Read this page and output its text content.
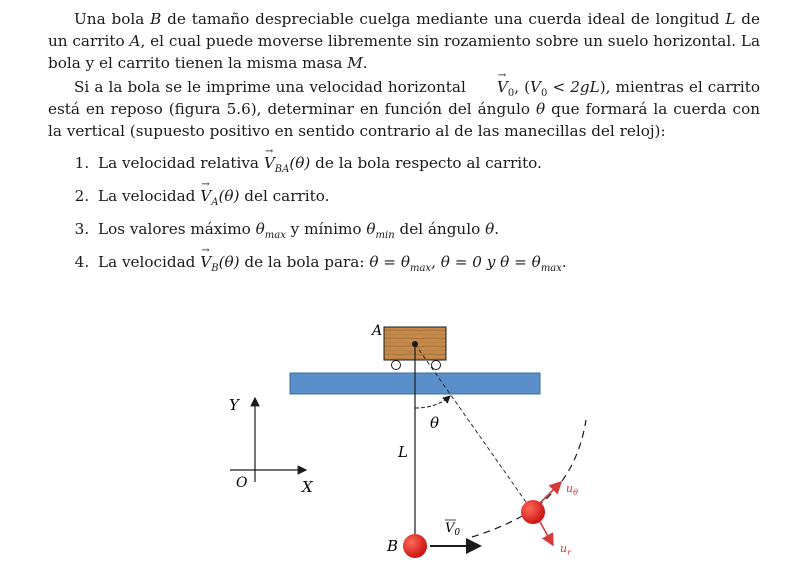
Una bola B de tamaño despreciable cuelga mediante una cuerda ideal de longitud L de un carrito A, el cual puede moverse libremente sin rozamiento sobre un suelo horizontal. La bola y el carrito tienen la misma masa M.

Si a la bola se le imprime una velocidad horizontal → $V_0$, $(V_0 < 2gL)$, mientras el carrito está en reposo (figura 5.6), determinar en función del ángulo θ que formará la cuerda con la vertical (supuesto positivo en sentido contrario al de las manecillas del reloj):

1. La velocidad relativa → $V_{BA}(\theta)$ de la bola respecto al carrito.
2. La velocidad → $V_A(\theta)$ del carrito.
3. Los valores máximo $\theta_{max}$ y mínimo $\theta_{min}$ del ángulo θ.
4. La velocidad → $V_B(\theta)$ de la bola para: $\theta = \theta_{max}$, θ = 0 y $\theta = \theta_{max}$.
A
L
θ
$V_0$
B
$u_\theta$
$u_r$
Y
X
O
